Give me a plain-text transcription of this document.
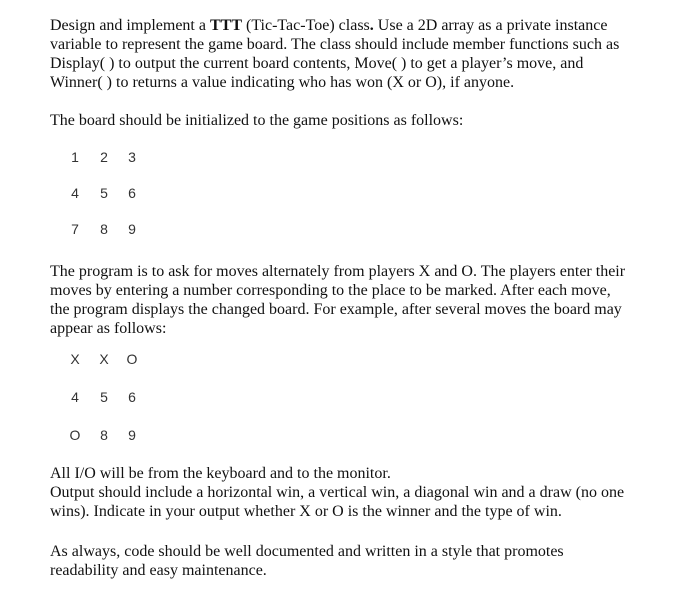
Design and implement a TTT (Tic-Tac-Toe) class. Use a 2D array as a private instance
variable to represent the game board. The class should include member functions such as
Display( ) to output the current board contents, Move( ) to get a player’s move, and
Winner( ) to returns a value indicating who has won (X or O), if anyone.
The board should be initialized to the game positions as follows:
1 2 3
4 5 6
7 8 9
The program is to ask for moves alternately from players X and O. The players enter their
moves by entering a number corresponding to the place to be marked. After each move,
the program displays the changed board. For example, after several moves the board may
appear as follows:
X X O
4 5 6
O 8 9
All I/O will be from the keyboard and to the monitor.
Output should include a horizontal win, a vertical win, a diagonal win and a draw (no one
wins). Indicate in your output whether X or O is the winner and the type of win.
As always, code should be well documented and written in a style that promotes
readability and easy maintenance.
